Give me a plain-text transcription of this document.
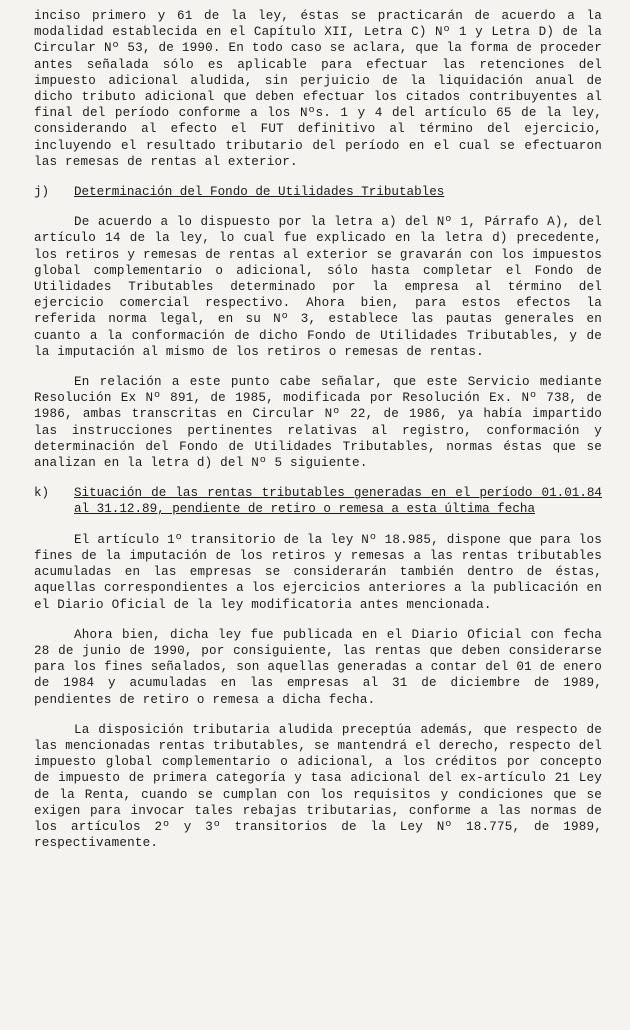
inciso primero y 61 de la ley, éstas se practicarán de acuerdo a la modalidad establecida en el Capítulo XII, Letra C) Nº 1 y Letra D) de la Circular Nº 53, de 1990. En todo caso se aclara, que la forma de proceder antes señalada sólo es aplicable para efectuar las retenciones del impuesto adicional aludida, sin perjuicio de la liquidación anual de dicho tributo adicional que deben efectuar los citados contribuyentes al final del período conforme a los Nºs. 1 y 4 del artículo 65 de la ley, considerando al efecto el FUT definitivo al término del ejercicio, incluyendo el resultado tributario del período en el cual se efectuaron las remesas de rentas al exterior.

j)	Determinación del Fondo de Utilidades Tributables

De acuerdo a lo dispuesto por la letra a) del Nº 1, Párrafo A), del artículo 14 de la ley, lo cual fue explicado en la letra d) precedente, los retiros y remesas de rentas al exterior se gravarán con los impuestos global complementario o adicional, sólo hasta completar el Fondo de Utilidades Tributables determinado por la empresa al término del ejercicio comercial respectivo. Ahora bien, para estos efectos la referida norma legal, en su Nº 3, establece las pautas generales en cuanto a la conformación de dicho Fondo de Utilidades Tributables, y de la imputación al mismo de los retiros o remesas de rentas.

En relación a este punto cabe señalar, que este Servicio mediante Resolución Ex Nº 891, de 1985, modificada por Resolución Ex. Nº 738, de 1986, ambas transcritas en Circular Nº 22, de 1986, ya había impartido las instrucciones pertinentes relativas al registro, conformación y determinación del Fondo de Utilidades Tributables, normas éstas que se analizan en la letra d) del Nº 5 siguiente.

k)	Situación de las rentas tributables generadas en el período 01.01.84 al 31.12.89, pendiente de retiro o remesa a esta última fecha

El artículo 1º transitorio de la ley Nº 18.985, dispone que para los fines de la imputación de los retiros y remesas a las rentas tributables acumuladas en las empresas se considerarán también dentro de éstas, aquellas correspondientes a los ejercicios anteriores a la publicación en el Diario Oficial de la ley modificatoria antes mencionada.

Ahora bien, dicha ley fue publicada en el Diario Oficial con fecha 28 de junio de 1990, por consiguiente, las rentas que deben considerarse para los fines señalados, son aquellas generadas a contar del 01 de enero de 1984 y acumuladas en las empresas al 31 de diciembre de 1989, pendientes de retiro o remesa a dicha fecha.

La disposición tributaria aludida preceptúa además, que respecto de las mencionadas rentas tributables, se mantendrá el derecho, respecto del impuesto global complementario o adicional, a los créditos por concepto de impuesto de primera categoría y tasa adicional del ex-artículo 21 Ley de la Renta, cuando se cumplan con los requisitos y condiciones que se exigen para invocar tales rebajas tributarias, conforme a las normas de los artículos 2º y 3º transitorios de la Ley Nº 18.775, de 1989, respectivamente.
